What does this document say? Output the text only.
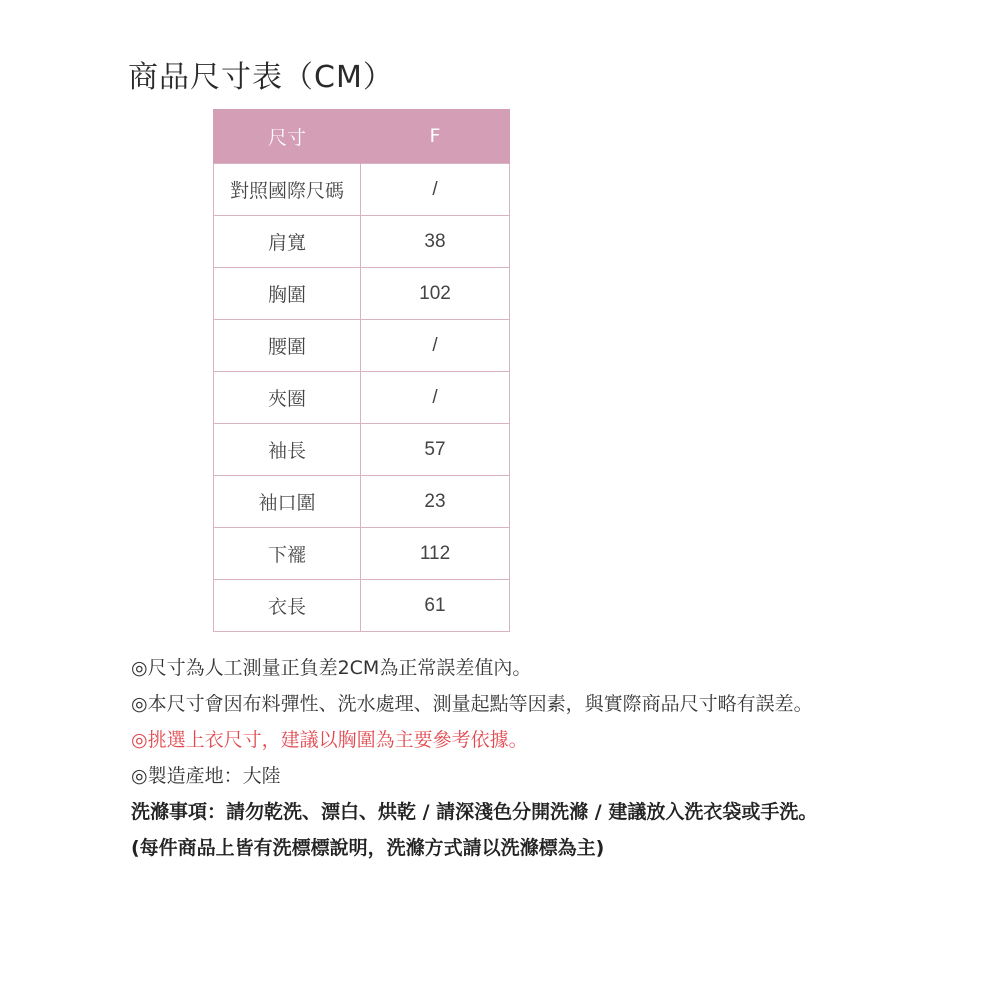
商品尺寸表（CM）
尺寸	F
對照國際尺碼	/
肩寬	38
胸圍	102
腰圍	/
夾圈	/
袖長	57
袖口圍	23
下襬	112
衣長	61
◎尺寸為人工測量正負差2CM為正常誤差值內。
◎本尺寸會因布料彈性、洗水處理、測量起點等因素，與實際商品尺寸略有誤差。
◎挑選上衣尺寸，建議以胸圍為主要參考依據。
◎製造產地：大陸
洗滌事項：請勿乾洗、漂白、烘乾 / 請深淺色分開洗滌 / 建議放入洗衣袋或手洗。
(每件商品上皆有洗標標說明，洗滌方式請以洗滌標為主)
